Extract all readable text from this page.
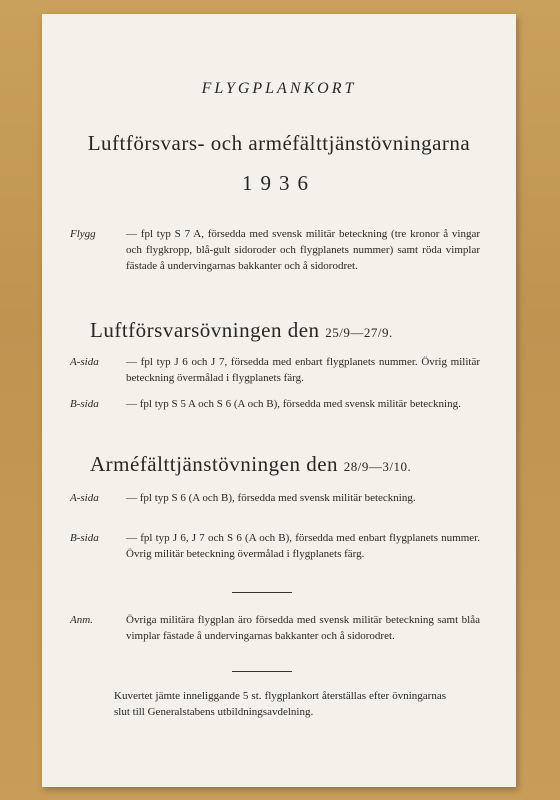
FLYGPLANKORT
Luftförsvars- och arméfälttjänstövningarna
1936
Flygg	— fpl typ S 7 A, försedda med svensk militär beteckning (tre kronor å vingar och flygkropp, blå-gult sidoroder och flygplanets nummer) samt röda vimplar fästade å undervingarnas bakkanter och å sidorodret.
Luftförsvarsövningen den 25/9—27/9.
A-sida — fpl typ J 6 och J 7, försedda med enbart flygplanets nummer. Övrig militär beteckning övermålad i flygplanets färg.
B-sida — fpl typ S 5 A och S 6 (A och B), försedda med svensk militär beteckning.
Arméfälttjänstövningen den 28/9—3/10.
A-sida — fpl typ S 6 (A och B), försedda med svensk militär beteckning.
B-sida — fpl typ J 6, J 7 och S 6 (A och B), försedda med enbart flygplanets nummer. Övrig militär beteckning övermålad i flygplanets färg.
Anm.	Övriga militära flygplan äro försedda med svensk militär beteckning samt blåa vimplar fästade å undervingarnas bakkanter och å sidorodret.
Kuvertet jämte inneliggande 5 st. flygplankort återställas efter övningarnas slut till Generalstabens utbildningsavdelning.
